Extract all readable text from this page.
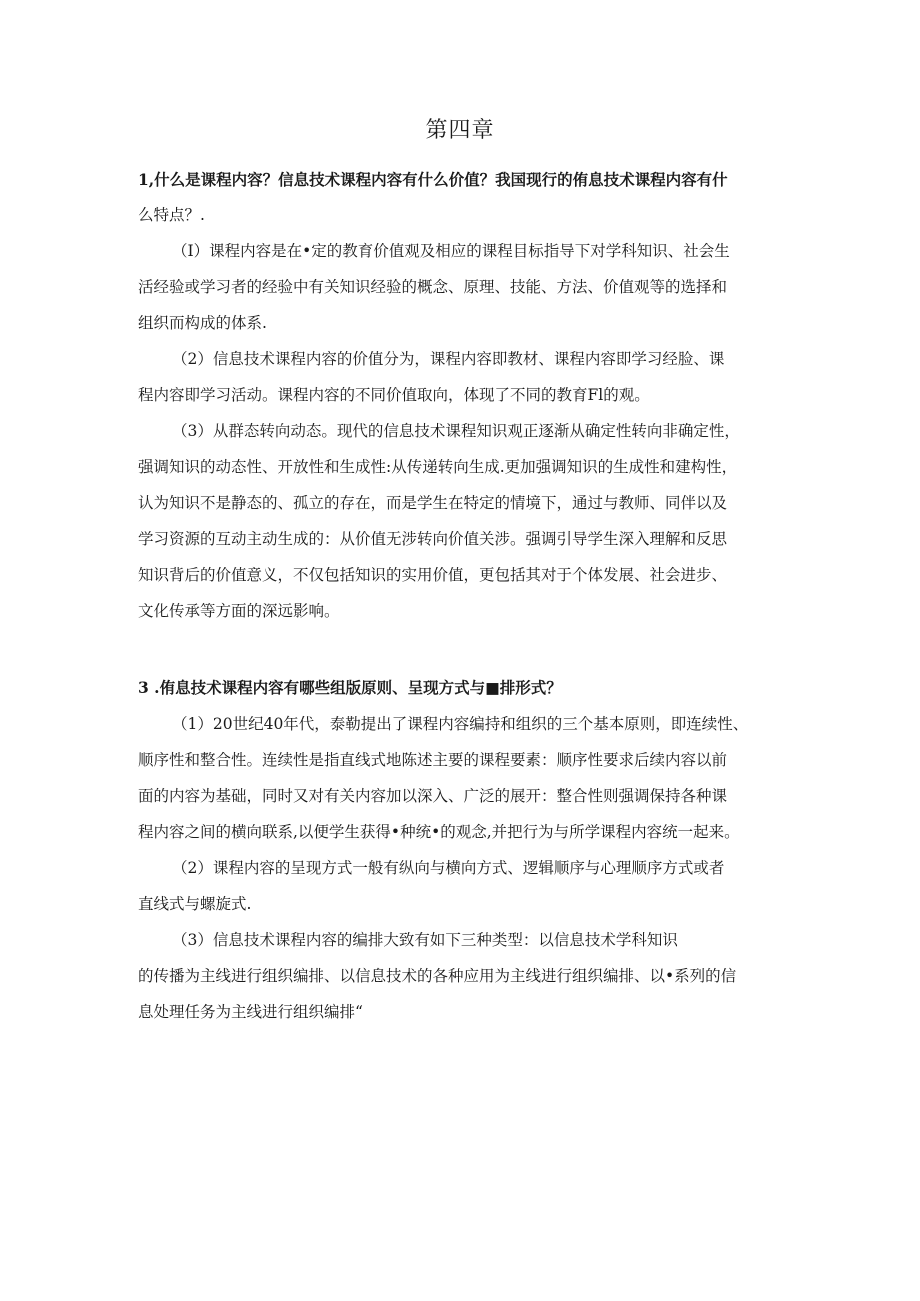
第四章
1,什么是课程内容？信息技术课程内容有什么价值？我国现行的侑息技术课程内容有什
么特点？.
（I）课程内容是在•定的教育价值观及相应的课程目标指导下对学科知识、社会生
活经验或学习者的经验中有关知识经验的概念、原理、技能、方法、价值观等的选择和
组织而构成的体系.
（2）信息技术课程内容的价值分为，课程内容即教材、课程内容即学习经脸、课
程内容即学习活动。课程内容的不同价值取向，体现了不同的教育Fl的观。
（3）从群态转向动态。现代的信息技术课程知识观正逐渐从确定性转向非确定性，
强调知识的动态性、开放性和生成性:从传递转向生成.更加强调知识的生成性和建构性，
认为知识不是静态的、孤立的存在，而是学生在特定的情境下，通过与教师、同伴以及
学习资源的互动主动生成的：从价值无涉转向价值关涉。强调引导学生深入理解和反思
知识背后的价值意义，不仅包括知识的实用价值，更包括其对于个体发展、社会进步、
文化传承等方面的深远影响。
3 .侑息技术课程内容有哪些组版原则、呈现方式与■排形式？
（1）20世纪40年代，泰勒提出了课程内容编持和组织的三个基本原则，即连续性、
顺序性和整合性。连续性是指直线式地陈述主要的课程要素：顺序性要求后续内容以前
面的内容为基础，同时又对有关内容加以深入、广泛的展开：整合性则强调保持各种课
程内容之间的横向联系,以便学生获得•种统•的观念,并把行为与所学课程内容统一起来。
（2）课程内容的呈现方式一般有纵向与横向方式、逻辑顺序与心理顺序方式或者
直线式与螺旋式.
（3）信息技术课程内容的编排大致有如下三种类型：以信息技术学科知识
的传播为主线进行组织编排、以信息技术的各种应用为主线进行组织编排、以•系列的信
息处理任务为主线进行组织编排“
